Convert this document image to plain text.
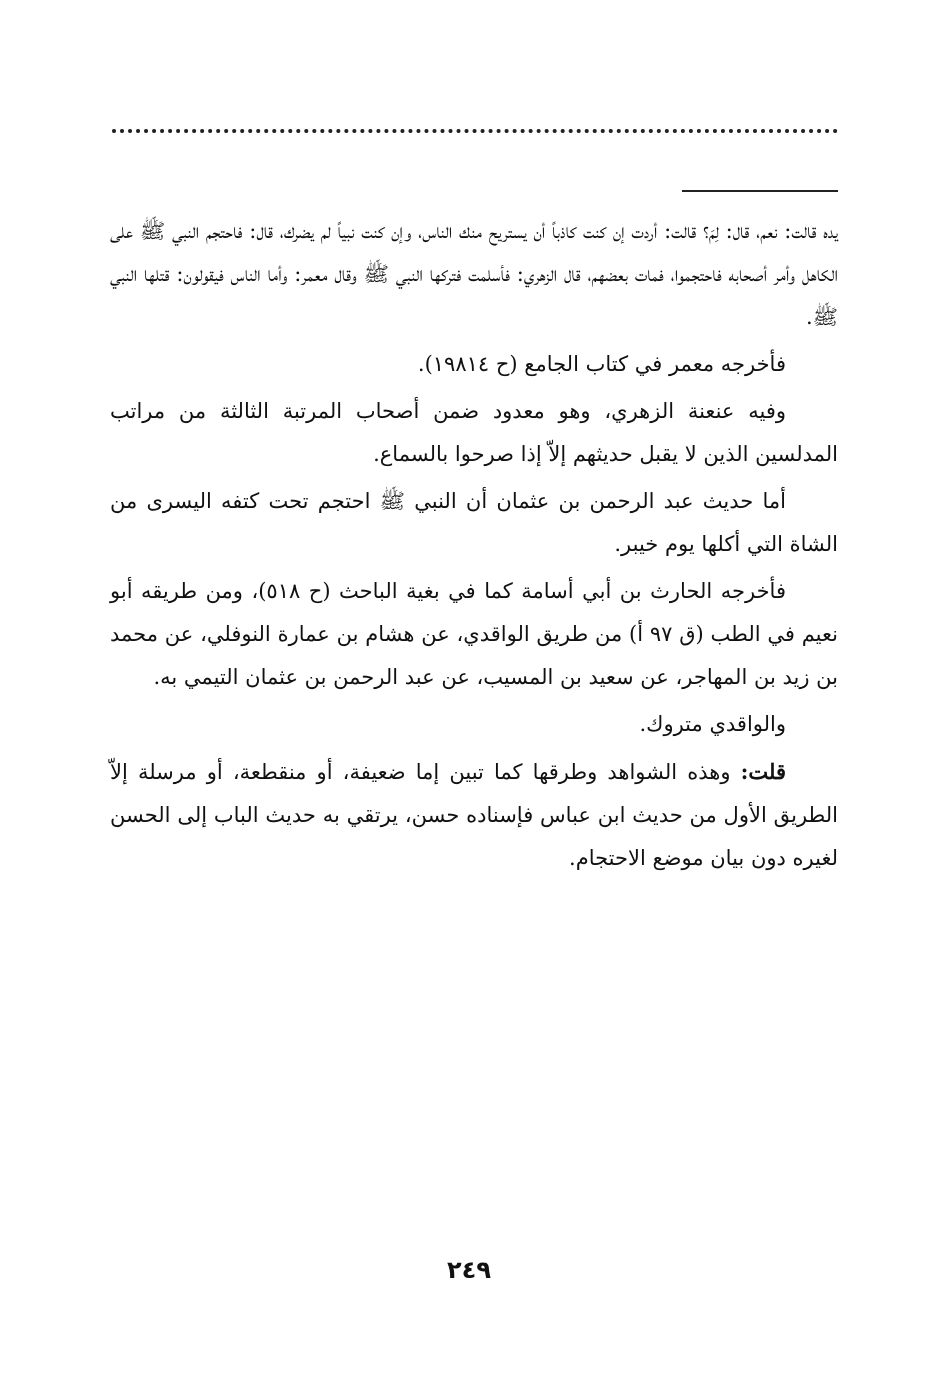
يده قالت: نعم، قال: لِمَ؟ قالت: أردت إن كنت كاذباً أن يستريح منك الناس، وإن كنت نبياً لم يضرك، قال: فاحتجم النبي ﷺ على الكاهل وأمر أصحابه فاحتجموا، فمات بعضهم، قال الزهري: فأسلمت فتركها النبي ﷺ وقال معمر: وأما الناس فيقولون: قتلها النبي ﷺ.

فأخرجه معمر في كتاب الجامع (ح ١٩٨١٤).

وفيه عنعنة الزهري، وهو معدود ضمن أصحاب المرتبة الثالثة من مراتب المدلسين الذين لا يقبل حديثهم إلاّ إذا صرحوا بالسماع.

أما حديث عبد الرحمن بن عثمان أن النبي ﷺ احتجم تحت كتفه اليسرى من الشاة التي أكلها يوم خيبر.

فأخرجه الحارث بن أبي أسامة كما في بغية الباحث (ح ٥١٨)، ومن طريقه أبو نعيم في الطب (ق ٩٧ أ) من طريق الواقدي، عن هشام بن عمارة النوفلي، عن محمد بن زيد بن المهاجر، عن سعيد بن المسيب، عن عبد الرحمن بن عثمان التيمي به.

والواقدي متروك.

قلت: وهذه الشواهد وطرقها كما تبين إما ضعيفة، أو منقطعة، أو مرسلة إلاّ الطريق الأول من حديث ابن عباس فإسناده حسن، يرتقي به حديث الباب إلى الحسن لغيره دون بيان موضع الاحتجام.

٢٤٩
